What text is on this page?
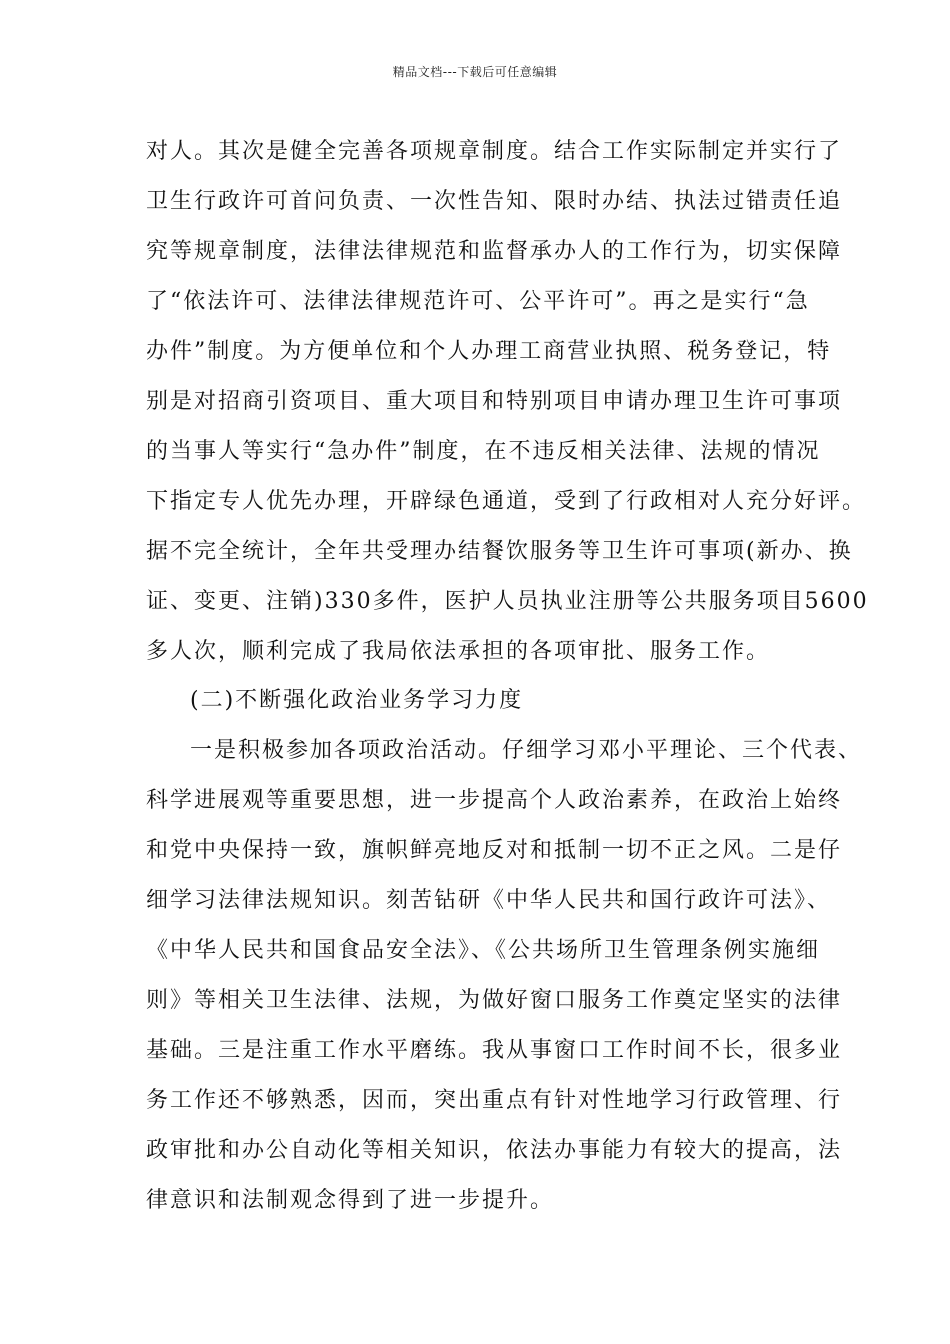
精品文档---下载后可任意编辑
对人。其次是健全完善各项规章制度。结合工作实际制定并实行了
卫生行政许可首问负责、一次性告知、限时办结、执法过错责任追
究等规章制度，法律法律规范和监督承办人的工作行为，切实保障
了“依法许可、法律法律规范许可、公平许可”。再之是实行“急
办件”制度。为方便单位和个人办理工商营业执照、税务登记，特
别是对招商引资项目、重大项目和特别项目申请办理卫生许可事项
的当事人等实行“急办件”制度，在不违反相关法律、法规的情况
下指定专人优先办理，开辟绿色通道，受到了行政相对人充分好评。
据不完全统计，全年共受理办结餐饮服务等卫生许可事项(新办、换
证、变更、注销)330多件，医护人员执业注册等公共服务项目5600
多人次，顺利完成了我局依法承担的各项审批、服务工作。
(二)不断强化政治业务学习力度
一是积极参加各项政治活动。仔细学习邓小平理论、三个代表、
科学进展观等重要思想，进一步提高个人政治素养，在政治上始终
和党中央保持一致，旗帜鲜亮地反对和抵制一切不正之风。二是仔
细学习法律法规知识。刻苦钻研《中华人民共和国行政许可法》、
《中华人民共和国食品安全法》、《公共场所卫生管理条例实施细
则》等相关卫生法律、法规，为做好窗口服务工作奠定坚实的法律
基础。三是注重工作水平磨练。我从事窗口工作时间不长，很多业
务工作还不够熟悉，因而，突出重点有针对性地学习行政管理、行
政审批和办公自动化等相关知识，依法办事能力有较大的提高，法
律意识和法制观念得到了进一步提升。
